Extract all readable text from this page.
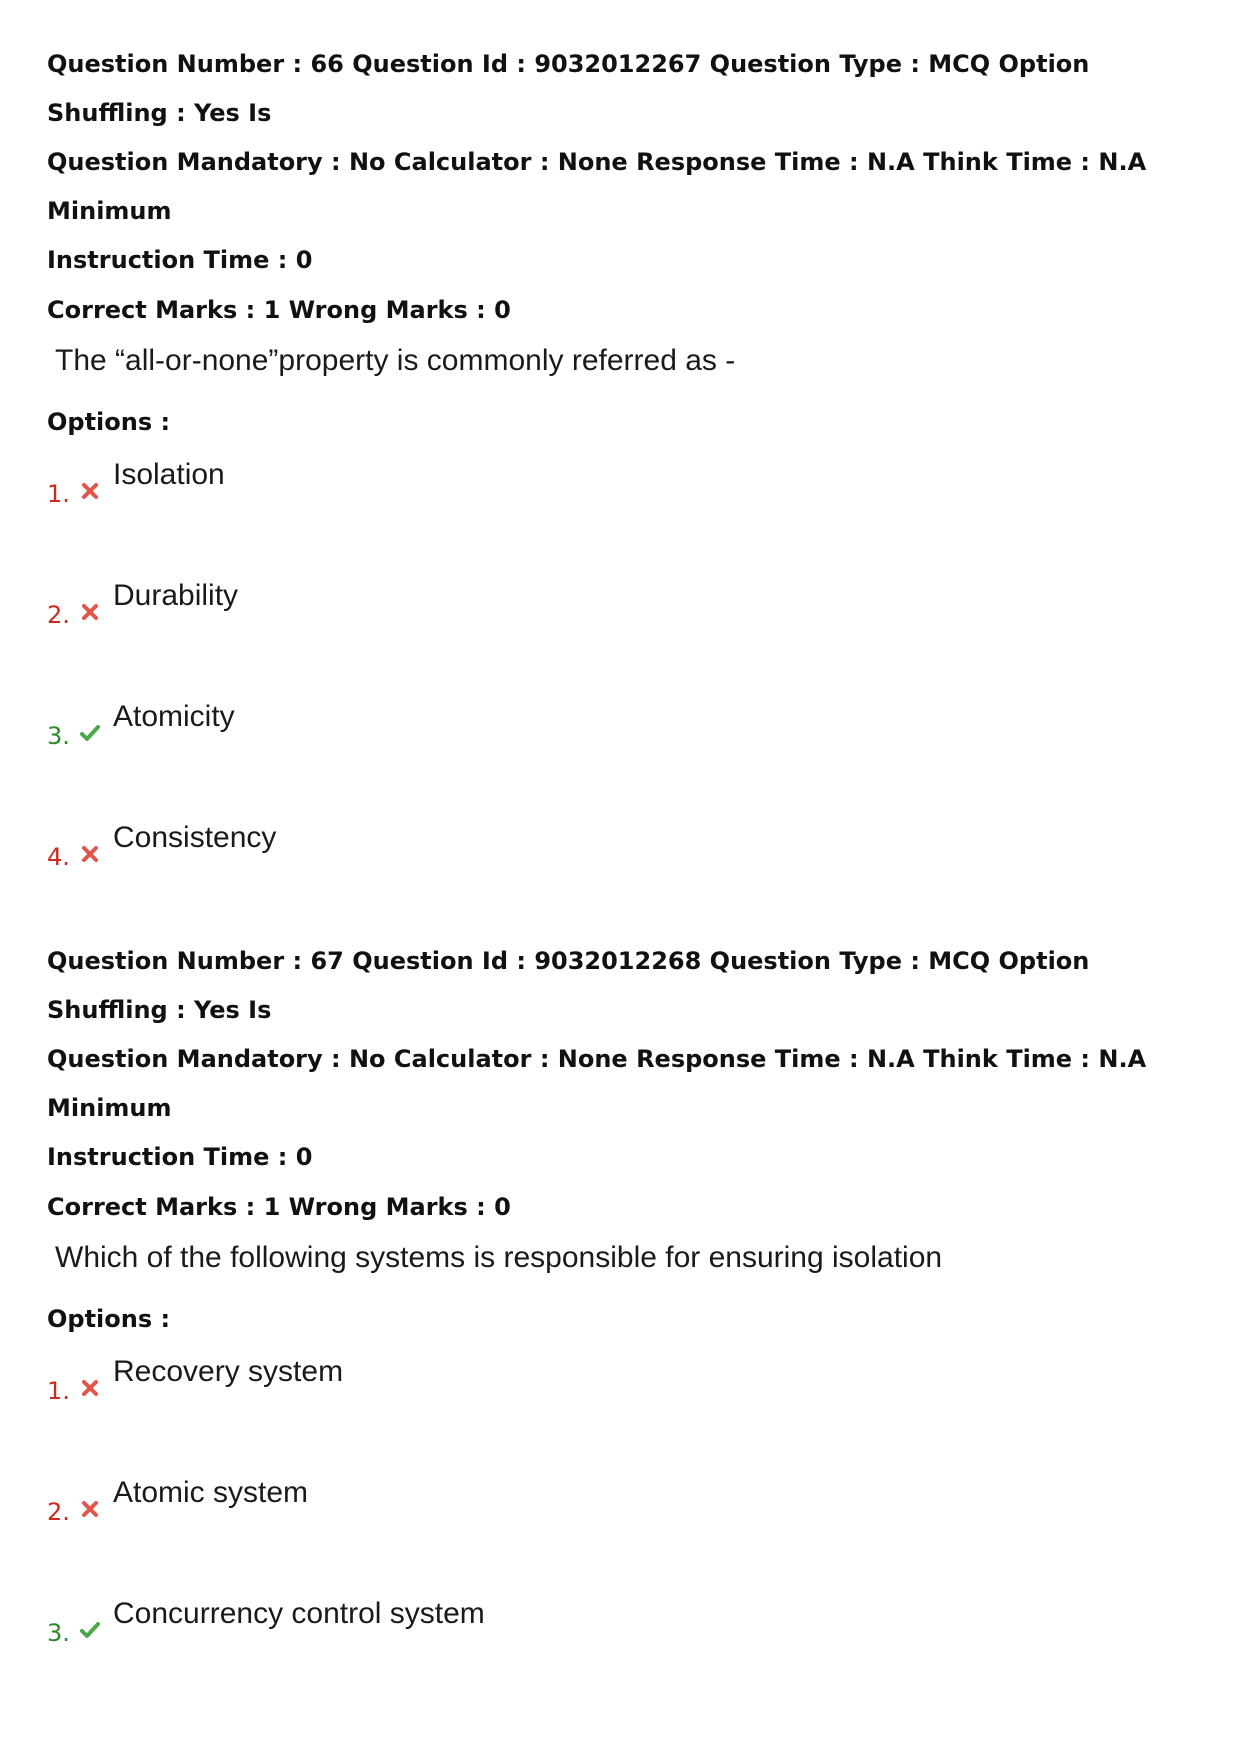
Question Number : 66 Question Id : 9032012267 Question Type : MCQ Option Shuffling : Yes Is
Question Mandatory : No Calculator : None Response Time : N.A Think Time : N.A Minimum
Instruction Time : 0
Correct Marks : 1 Wrong Marks : 0
The “all-or-none”property is commonly referred as -
Options :
1.
Isolation
2.
Durability
3.
Atomicity
4.
Consistency
Question Number : 67 Question Id : 9032012268 Question Type : MCQ Option Shuffling : Yes Is
Question Mandatory : No Calculator : None Response Time : N.A Think Time : N.A Minimum
Instruction Time : 0
Correct Marks : 1 Wrong Marks : 0
Which of the following systems is responsible for ensuring isolation
Options :
1.
Recovery system
2.
Atomic system
3.
Concurrency control system
